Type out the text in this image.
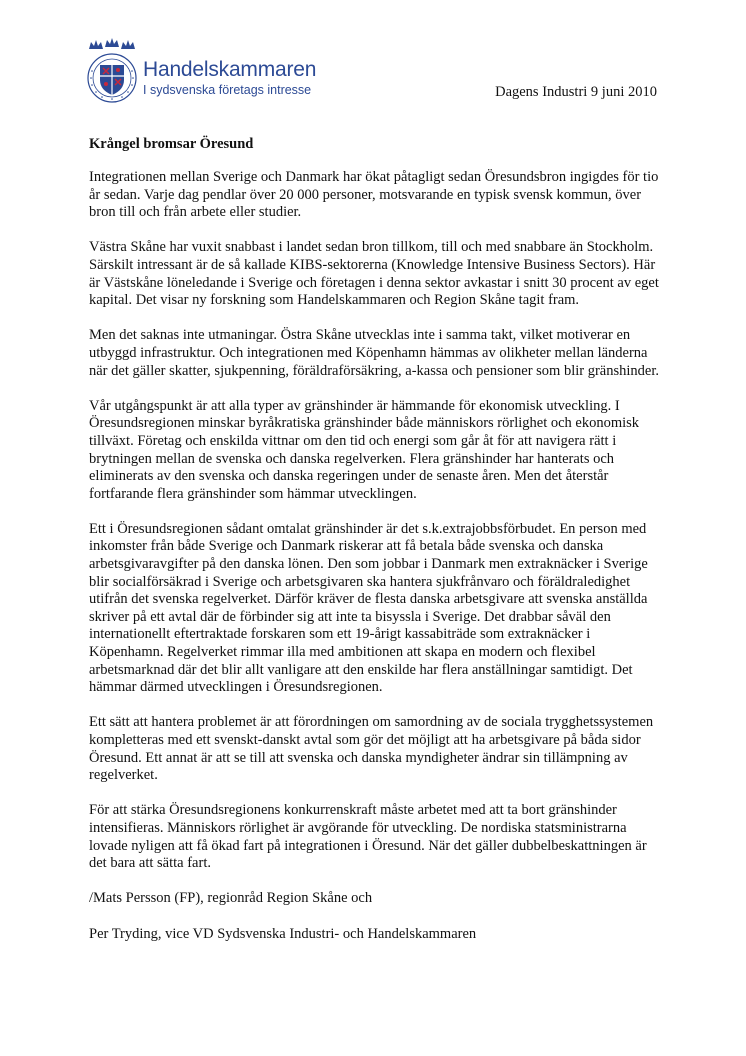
Handelskammaren
I sydsvenska företags intresse	Dagens Industri 9 juni 2010
Krångel bromsar Öresund

Integrationen mellan Sverige och Danmark har ökat påtagligt sedan Öresundsbron ingigdes för tio år sedan. Varje dag pendlar över 20 000 personer, motsvarande en typisk svensk kommun, över bron till och från arbete eller studier.

Västra Skåne har vuxit snabbast i landet sedan bron tillkom, till och med snabbare än Stockholm. Särskilt intressant är de så kallade KIBS-sektorerna (Knowledge Intensive Business Sectors). Här är Västskåne löneledande i Sverige och företagen i denna sektor avkastar i snitt 30 procent av eget kapital. Det visar ny forskning som Handelskammaren och Region Skåne tagit fram.

Men det saknas inte utmaningar. Östra Skåne utvecklas inte i samma takt, vilket motiverar en utbyggd infrastruktur. Och integrationen med Köpenhamn hämmas av olikheter mellan länderna när det gäller skatter, sjukpenning, föräldraförsäkring, a-kassa och pensioner som blir gränshinder.

Vår utgångspunkt är att alla typer av gränshinder är hämmande för ekonomisk utveckling. I Öresundsregionen minskar byråkratiska gränshinder både människors rörlighet och ekonomisk tillväxt. Företag och enskilda vittnar om den tid och energi som går åt för att navigera rätt i brytningen mellan de svenska och danska regelverken. Flera gränshinder har hanterats och eliminerats av den svenska och danska regeringen under de senaste åren. Men det återstår fortfarande flera gränshinder som hämmar utvecklingen.

Ett i Öresundsregionen sådant omtalat gränshinder är det s.k.extrajobbsförbudet. En person med inkomster från både Sverige och Danmark riskerar att få betala både svenska och danska arbetsgivaravgifter på den danska lönen. Den som jobbar i Danmark men extraknäcker i Sverige blir socialförsäkrad i Sverige och arbetsgivaren ska hantera sjukfrånvaro och föräldraledighet utifrån det svenska regelverket. Därför kräver de flesta danska arbetsgivare att svenska anställda skriver på ett avtal där de förbinder sig att inte ta bisyssla i Sverige. Det drabbar såväl den internationellt eftertraktade forskaren som ett 19-årigt kassabiträde som extraknäcker i Köpenhamn. Regelverket rimmar illa med ambitionen att skapa en modern och flexibel arbetsmarknad där det blir allt vanligare att den enskilde har flera anställningar samtidigt. Det hämmar därmed utvecklingen i Öresundsregionen.

Ett sätt att hantera problemet är att förordningen om samordning av de sociala trygghetssystemen kompletteras med ett svenskt-danskt avtal som gör det möjligt att ha arbetsgivare på båda sidor Öresund. Ett annat är att se till att svenska och danska myndigheter ändrar sin tillämpning av regelverket.

För att stärka Öresundsregionens konkurrenskraft måste arbetet med att ta bort gränshinder intensifieras. Människors rörlighet är avgörande för utveckling. De nordiska statsministrarna lovade nyligen att få ökad fart på integrationen i Öresund. När det gäller dubbelbeskattningen är det bara att sätta fart.

/Mats Persson (FP), regionråd Region Skåne och

Per Tryding, vice VD Sydsvenska Industri- och Handelskammaren
